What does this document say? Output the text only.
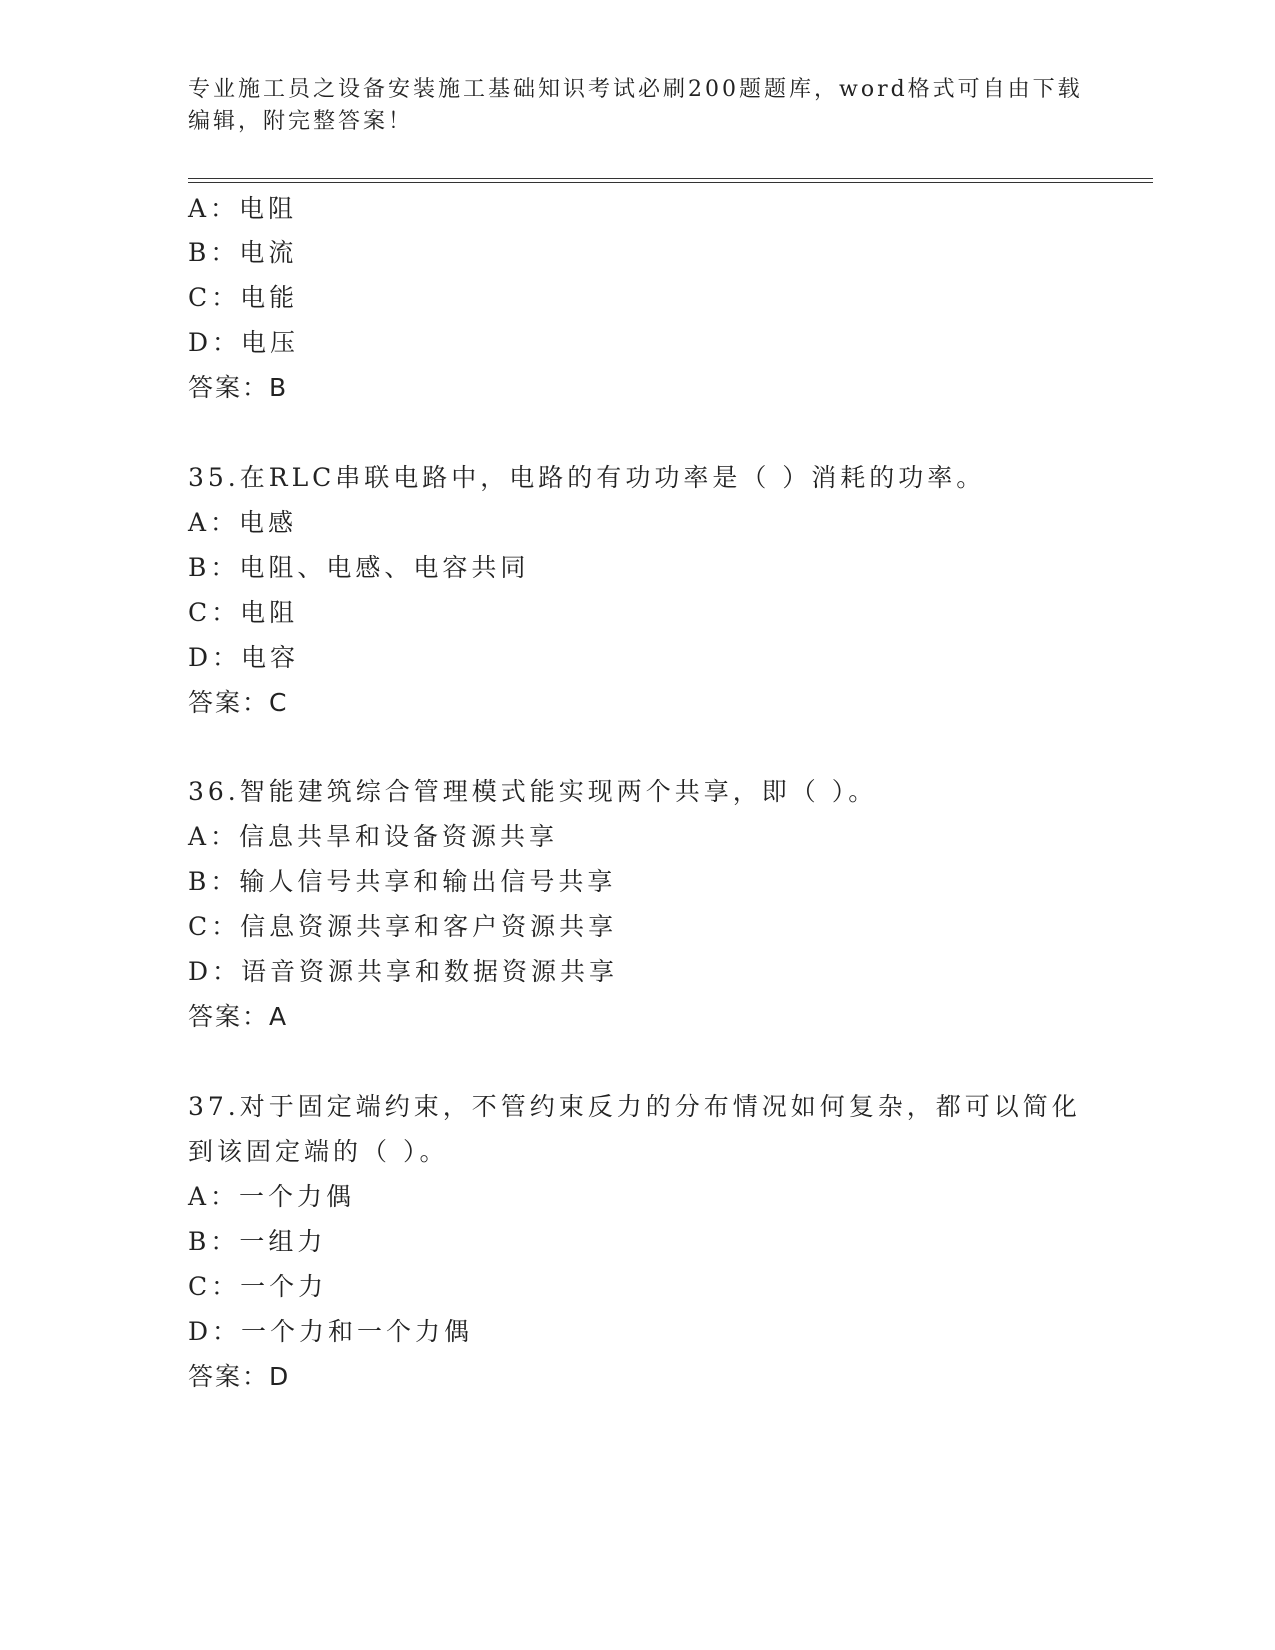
专业施工员之设备安装施工基础知识考试必刷200题题库，word格式可自由下载
编辑，附完整答案！
A：电阻
B：电流
C：电能
D：电压
答案：B
35.在RLC串联电路中，电路的有功功率是（ ）消耗的功率。
A：电感
B：电阻、电感、电容共同
C：电阻
D：电容
答案：C
36.智能建筑综合管理模式能实现两个共享，即（ ）。
A：信息共旱和设备资源共享
B：输人信号共享和输出信号共享
C：信息资源共享和客户资源共享
D：语音资源共享和数据资源共享
答案：A
37.对于固定端约束，不管约束反力的分布情况如何复杂，都可以简化
到该固定端的（ ）。
A：一个力偶
B：一组力
C：一个力
D：一个力和一个力偶
答案：D
